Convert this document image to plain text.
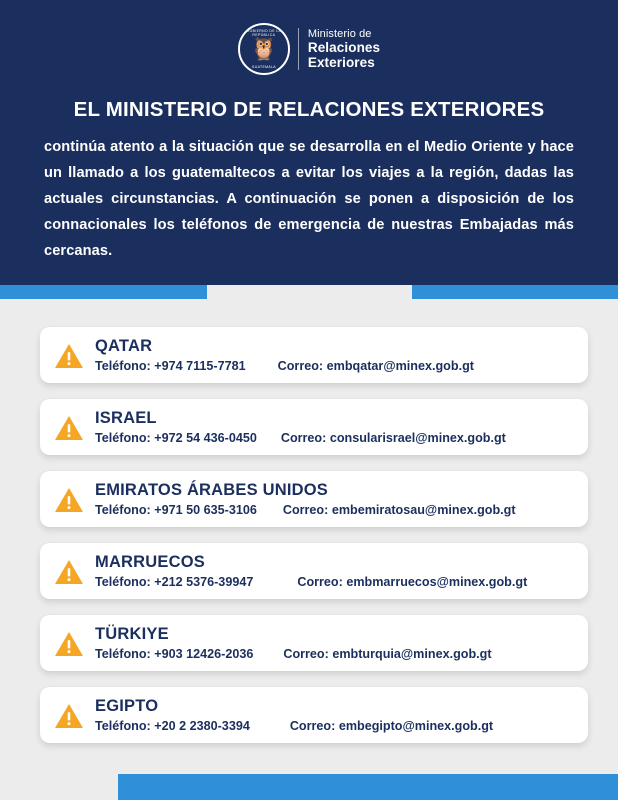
GOBIERNO DE LA REPÚBLICA
🦉
GUATEMALA
Ministerio de
Relaciones
Exteriores
EL MINISTERIO DE RELACIONES EXTERIORES
continúa atento a la situación que se desarrolla en el Medio Oriente y hace un llamado a los guatemaltecos a evitar los viajes a la región, dadas las actuales circunstancias. A continuación se ponen a disposición de los connacionales los teléfonos de emergencia de nuestras Embajadas más cercanas.
QATAR
Teléfono:
+974 7115-7781	Correo:
embqatar@minex.gob.gt
ISRAEL
Teléfono:
+972 54 436-0450 Correo:
consularisrael@minex.gob.gt
EMIRATOS ÁRABES UNIDOS
Teléfono:
+971 50 635-3106 Correo:
embemiratosau@minex.gob.gt
MARRUECOS
Teléfono:
+212 5376-39947	Correo:
embmarruecos@minex.gob.gt
TÜRKIYE
Teléfono:
+903 12426-2036 Correo:
embturquia@minex.gob.gt
EGIPTO
Teléfono:
+20 2 2380-3394	Correo:
embegipto@minex.gob.gt
